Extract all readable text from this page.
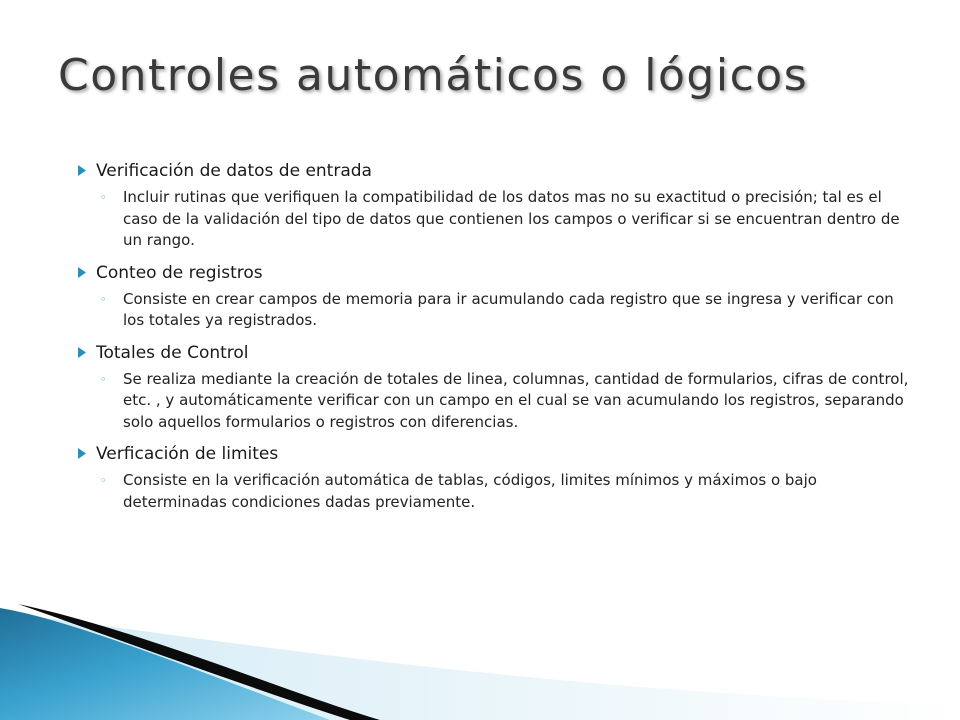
Controles automáticos o lógicos
Verificación de datos de entrada
◦	Incluir rutinas que verifiquen la compatibilidad de los datos mas no su exactitud o precisión; tal es el caso de la validación del tipo de datos que contienen los campos o verificar si se encuentran dentro de un rango.
Conteo de registros
◦	Consiste en crear campos de memoria para ir acumulando cada registro que se ingresa y verificar con los totales ya registrados.
Totales de Control
◦	Se realiza mediante la creación de totales de linea, columnas, cantidad de formularios, cifras de control, etc. , y automáticamente verificar con un campo en el cual se van acumulando los registros, separando solo aquellos formularios o registros con diferencias.
Verficación de limites
◦	Consiste en la verificación automática de tablas, códigos, limites mínimos y máximos o bajo determinadas condiciones dadas previamente.
